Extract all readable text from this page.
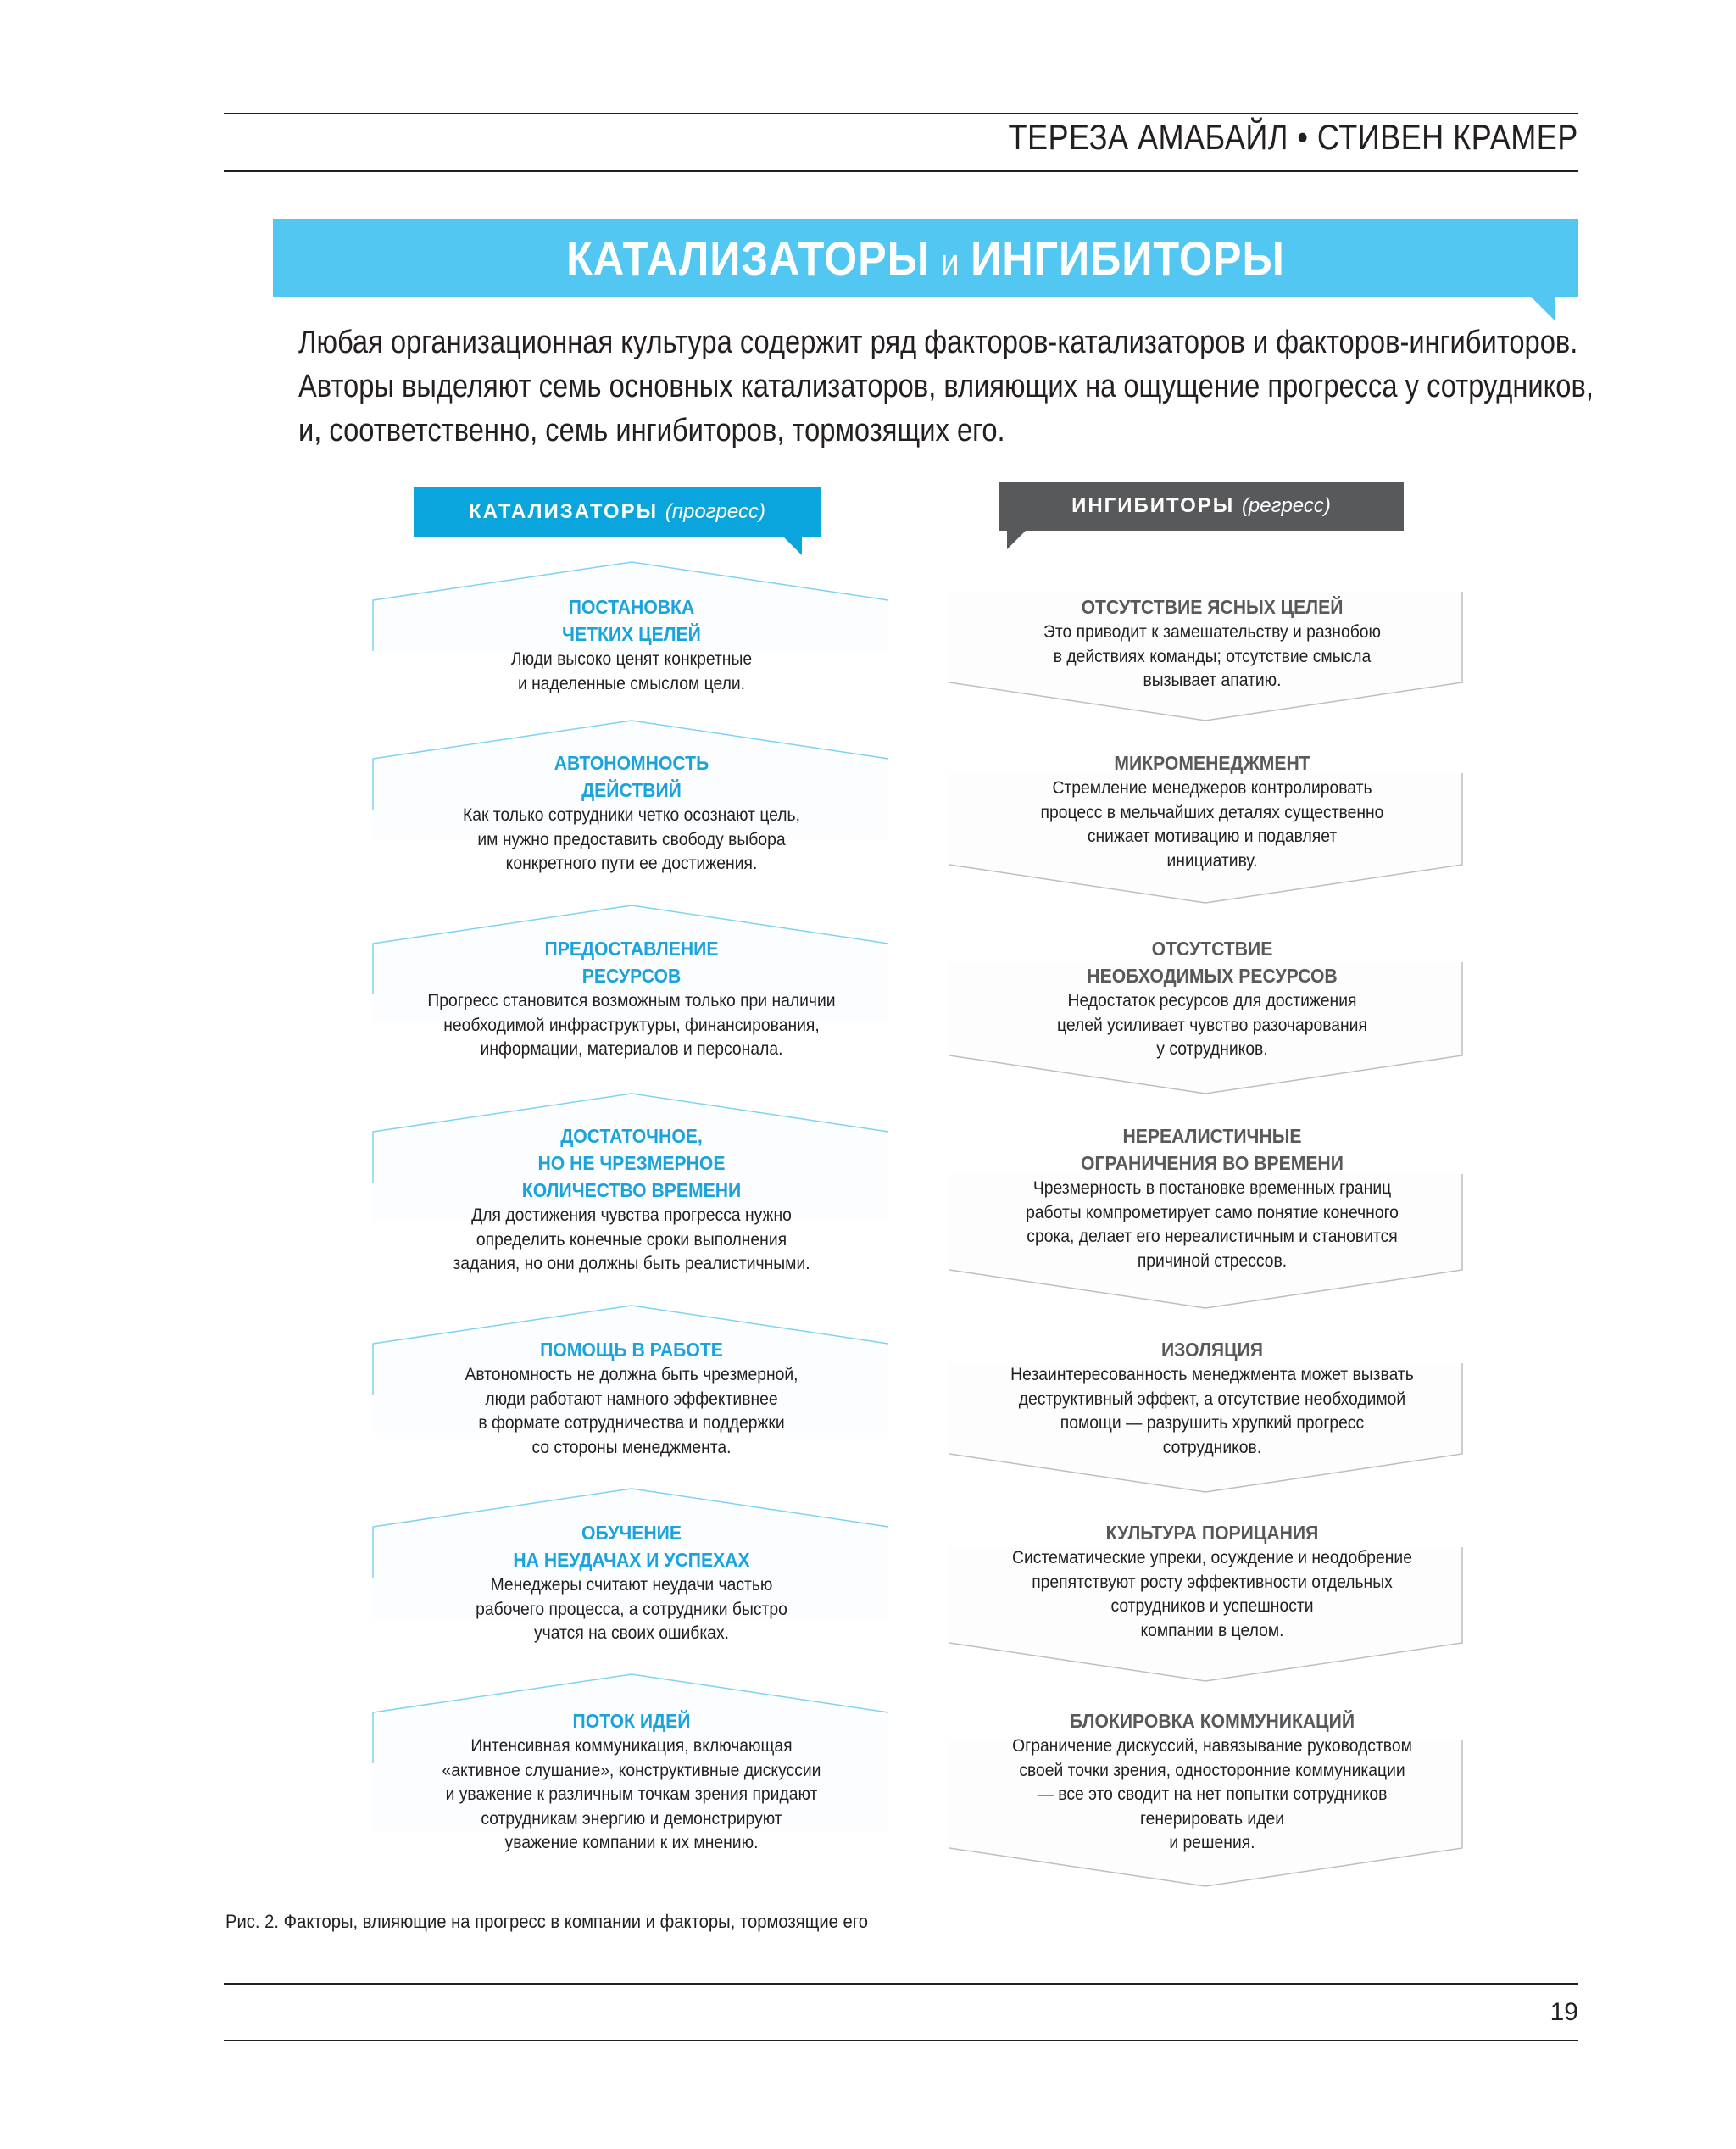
ТЕРЕЗА АМАБАЙЛ • СТИВЕН КРАМЕР
КАТАЛИЗАТОРЫ и ИНГИБИТОРЫ
Любая организационная культура содержит ряд факторов-катализаторов и факторов-ингибиторов.
Авторы выделяют семь основных катализаторов, влияющих на ощущение прогресса у сотрудников,
и, соответственно, семь ингибиторов, тормозящих его.
КАТАЛИЗАТОРЫ
(прогресс)	ИНГИБИТОРЫ
(регресс)
ПОСТАНОВКА
ЧЕТКИХ ЦЕЛЕЙ
Люди высоко ценят конкретные
и наделенные смыслом цели.
АВТОНОМНОСТЬ
ДЕЙСТВИЙ
Как только сотрудники четко осознают цель,
им нужно предоставить свободу выбора
конкретного пути ее достижения.
ПРЕДОСТАВЛЕНИЕ
РЕСУРСОВ
Прогресс становится возможным только при наличии
необходимой инфраструктуры, финансирования,
информации, материалов и персонала.
ДОСТАТОЧНОЕ,
НО НЕ ЧРЕЗМЕРНОЕ
КОЛИЧЕСТВО ВРЕМЕНИ
Для достижения чувства прогресса нужно
определить конечные сроки выполнения
задания, но они должны быть реалистичными.
ПОМОЩЬ В РАБОТЕ
Автономность не должна быть чрезмерной,
люди работают намного эффективнее
в формате сотрудничества и поддержки
со стороны менеджмента.
ОБУЧЕНИЕ
НА НЕУДАЧАХ И УСПЕХАХ
Менеджеры считают неудачи частью
рабочего процесса, а сотрудники быстро
учатся на своих ошибках.
ПОТОК ИДЕЙ
Интенсивная коммуникация, включающая
«активное слушание», конструктивные дискуссии
и уважение к различным точкам зрения придают
сотрудникам энергию и демонстрируют
уважение компании к их мнению.
ОТСУТСТВИЕ ЯСНЫХ ЦЕЛЕЙ
Это приводит к замешательству и разнобою
в действиях команды; отсутствие смысла
вызывает апатию.
МИКРОМЕНЕДЖМЕНТ
Стремление менеджеров контролировать
процесс в мельчайших деталях существенно
снижает мотивацию и подавляет
инициативу.
ОТСУТСТВИЕ
НЕОБХОДИМЫХ РЕСУРСОВ
Недостаток ресурсов для достижения
целей усиливает чувство разочарования
у сотрудников.
НЕРЕАЛИСТИЧНЫЕ
ОГРАНИЧЕНИЯ ВО ВРЕМЕНИ
Чрезмерность в постановке временных границ
работы компрометирует само понятие конечного
срока, делает его нереалистичным и становится
причиной стрессов.
ИЗОЛЯЦИЯ
Незаинтересованность менеджмента может вызвать
деструктивный эффект, а отсутствие необходимой
помощи — разрушить хрупкий прогресс
сотрудников.
КУЛЬТУРА ПОРИЦАНИЯ
Систематические упреки, осуждение и неодобрение
препятствуют росту эффективности отдельных
сотрудников и успешности
компании в целом.
БЛОКИРОВКА КОММУНИКАЦИЙ
Ограничение дискуссий, навязывание руководством
своей точки зрения, односторонние коммуникации
— все это сводит на нет попытки сотрудников
генерировать идеи
и решения.
Рис. 2. Факторы, влияющие на прогресс в компании и факторы, тормозящие его
19
